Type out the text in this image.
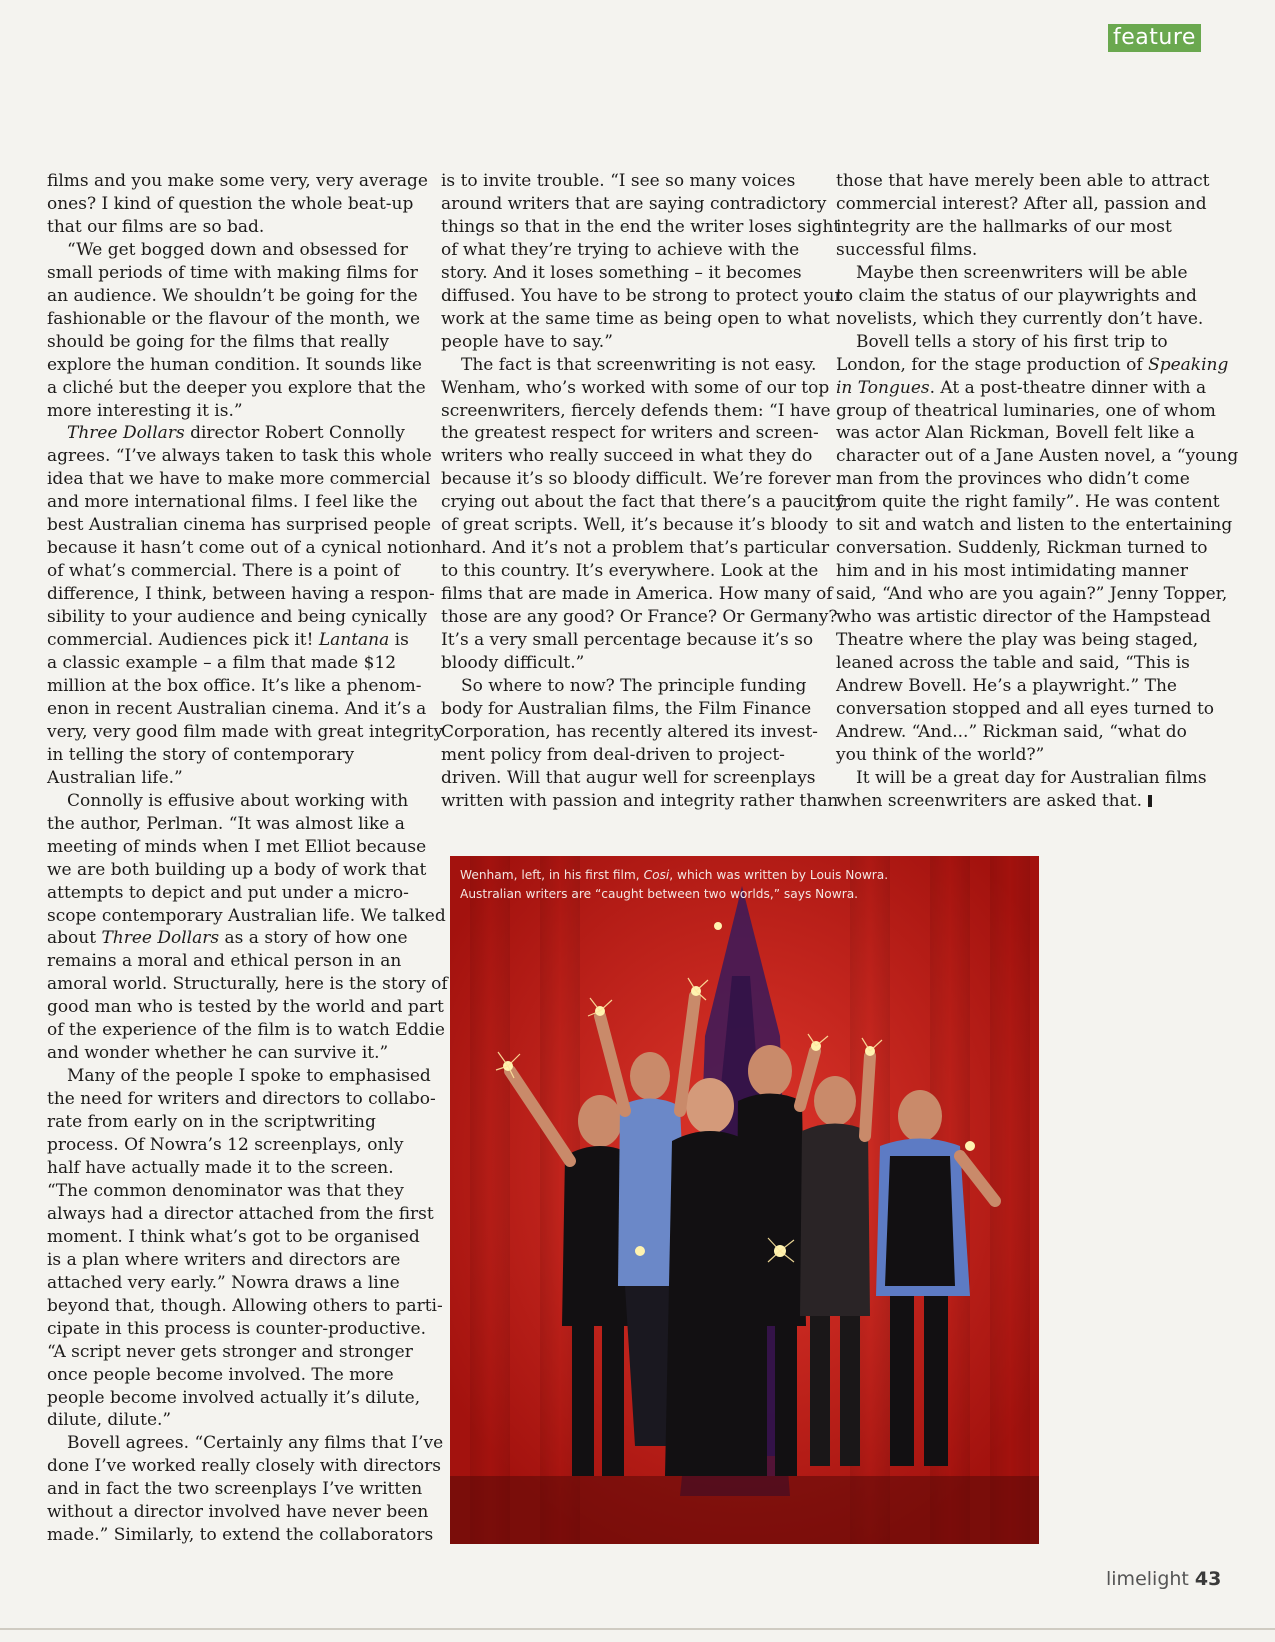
feature

films and you make some very, very average
ones? I kind of question the whole beat-up
that our films are so bad.

“We get bogged down and obsessed for
small periods of time with making films for
an audience. We shouldn’t be going for the
fashionable or the flavour of the month, we
should be going for the films that really
explore the human condition. It sounds like
a cliché but the deeper you explore that the
more interesting it is.”

Three Dollars director Robert Connolly
agrees. “I’ve always taken to task this whole
idea that we have to make more commercial
and more international films. I feel like the
best Australian cinema has surprised people
because it hasn’t come out of a cynical notion
of what’s commercial. There is a point of
difference, I think, between having a respon-
sibility to your audience and being cynically
commercial. Audiences pick it! Lantana is
a classic example – a film that made $12
million at the box office. It’s like a phenom-
enon in recent Australian cinema. And it’s a
very, very good film made with great integrity
in telling the story of contemporary
Australian life.”

Connolly is effusive about working with
the author, Perlman. “It was almost like a
meeting of minds when I met Elliot because
we are both building up a body of work that
attempts to depict and put under a micro-
scope contemporary Australian life. We talked
about Three Dollars as a story of how one
remains a moral and ethical person in an
amoral world. Structurally, here is the story of
good man who is tested by the world and part
of the experience of the film is to watch Eddie
and wonder whether he can survive it.”

Many of the people I spoke to emphasised
the need for writers and directors to collabo-
rate from early on in the scriptwriting
process. Of Nowra’s 12 screenplays, only
half have actually made it to the screen.
“The common denominator was that they
always had a director attached from the first
moment. I think what’s got to be organised
is a plan where writers and directors are
attached very early.” Nowra draws a line
beyond that, though. Allowing others to parti-
cipate in this process is counter-productive.
“A script never gets stronger and stronger
once people become involved. The more
people become involved actually it’s dilute,
dilute, dilute.”

Bovell agrees. “Certainly any films that I’ve
done I’ve worked really closely with directors
and in fact the two screenplays I’ve written
without a director involved have never been
made.” Similarly, to extend the collaborators

is to invite trouble. “I see so many voices
around writers that are saying contradictory
things so that in the end the writer loses sight
of what they’re trying to achieve with the
story. And it loses something – it becomes
diffused. You have to be strong to protect your
work at the same time as being open to what
people have to say.”

The fact is that screenwriting is not easy.
Wenham, who’s worked with some of our top
screenwriters, fiercely defends them: “I have
the greatest respect for writers and screen-
writers who really succeed in what they do
because it’s so bloody difficult. We’re forever
crying out about the fact that there’s a paucity
of great scripts. Well, it’s because it’s bloody
hard. And it’s not a problem that’s particular
to this country. It’s everywhere. Look at the
films that are made in America. How many of
those are any good? Or France? Or Germany?
It’s a very small percentage because it’s so
bloody difficult.”

So where to now? The principle funding
body for Australian films, the Film Finance
Corporation, has recently altered its invest-
ment policy from deal-driven to project-
driven. Will that augur well for screenplays
written with passion and integrity rather than

those that have merely been able to attract
commercial interest? After all, passion and
integrity are the hallmarks of our most
successful films.

Maybe then screenwriters will be able
to claim the status of our playwrights and
novelists, which they currently don’t have.

Bovell tells a story of his first trip to
London, for the stage production of Speaking
in Tongues. At a post-theatre dinner with a
group of theatrical luminaries, one of whom
was actor Alan Rickman, Bovell felt like a
character out of a Jane Austen novel, a “young
man from the provinces who didn’t come
from quite the right family”. He was content
to sit and watch and listen to the entertaining
conversation. Suddenly, Rickman turned to
him and in his most intimidating manner
said, “And who are you again?” Jenny Topper,
who was artistic director of the Hampstead
Theatre where the play was being staged,
leaned across the table and said, “This is
Andrew Bovell. He’s a playwright.” The
conversation stopped and all eyes turned to
Andrew. “And...” Rickman said, “what do
you think of the world?”

It will be a great day for Australian films
when screenwriters are asked that.

Wenham, left, in his first film, Cosi, which was written by Louis Nowra.
Australian writers are “caught between two worlds,” says Nowra.
limelight 43
